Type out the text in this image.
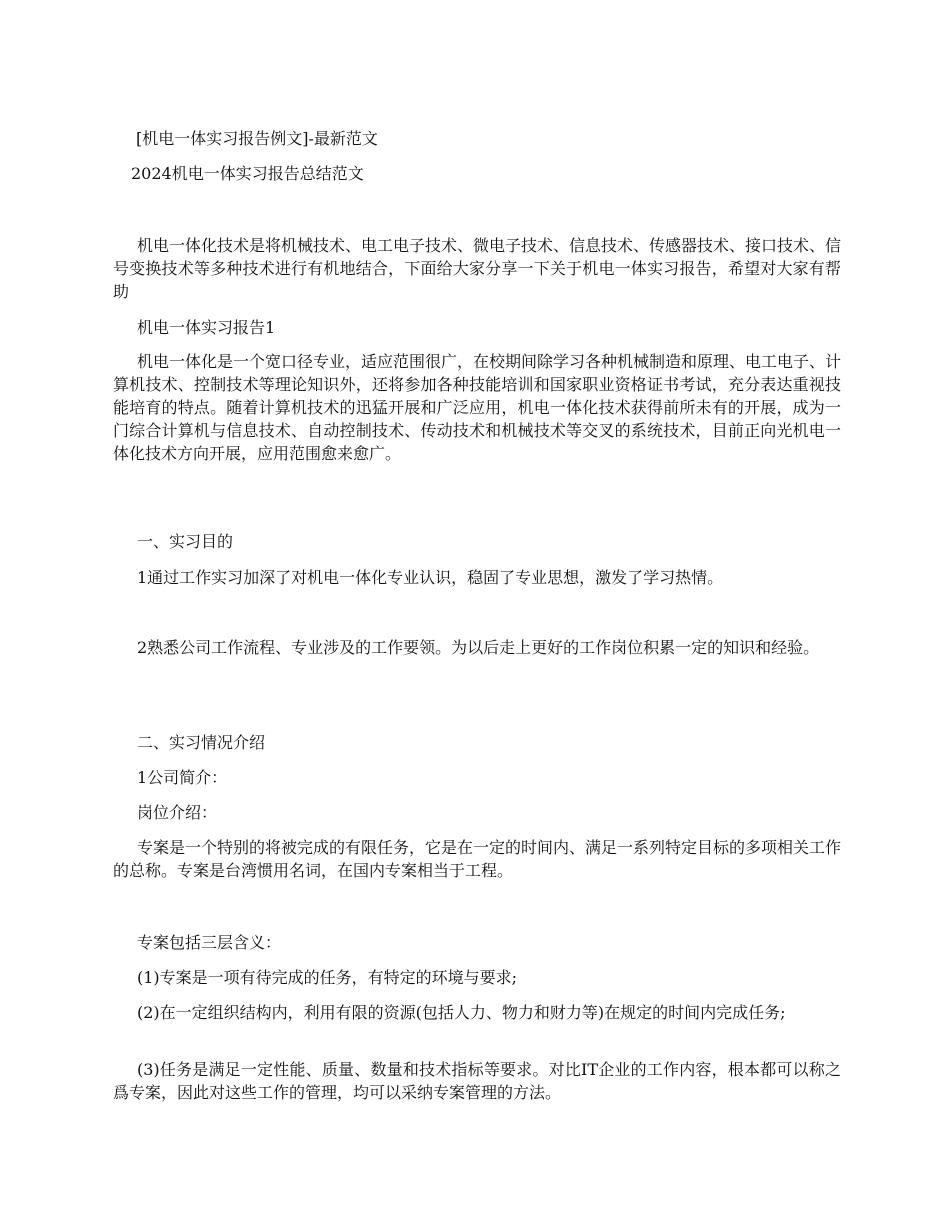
[机电一体实习报告例文]-最新范文

2024机电一体实习报告总结范文

机电一体化技术是将机械技术、电工电子技术、微电子技术、信息技术、传感器技术、接口技术、信号变换技术等多种技术进行有机地结合，下面给大家分享一下关于机电一体实习报告，希望对大家有帮助

机电一体实习报告1

机电一体化是一个宽口径专业，适应范围很广，在校期间除学习各种机械制造和原理、电工电子、计算机技术、控制技术等理论知识外，还将参加各种技能培训和国家职业资格证书考试，充分表达重视技能培育的特点。随着计算机技术的迅猛开展和广泛应用，机电一体化技术获得前所未有的开展，成为一门综合计算机与信息技术、自动控制技术、传动技术和机械技术等交叉的系统技术，目前正向光机电一体化技术方向开展，应用范围愈来愈广。

一、实习目的

1通过工作实习加深了对机电一体化专业认识，稳固了专业思想，激发了学习热情。

2熟悉公司工作流程、专业涉及的工作要领。为以后走上更好的工作岗位积累一定的知识和经验。

二、实习情况介绍

1公司简介：

岗位介绍：

专案是一个特别的将被完成的有限任务，它是在一定的时间内、满足一系列特定目标的多项相关工作的总称。专案是台湾惯用名词，在国内专案相当于工程。

专案包括三层含义：

(1)专案是一项有待完成的任务，有特定的环境与要求;

(2)在一定组织结构内，利用有限的资源(包括人力、物力和财力等)在规定的时间内完成任务;

(3)任务是满足一定性能、质量、数量和技术指标等要求。对比IT企业的工作内容，根本都可以称之爲专案，因此对这些工作的管理，均可以采纳专案管理的方法。
